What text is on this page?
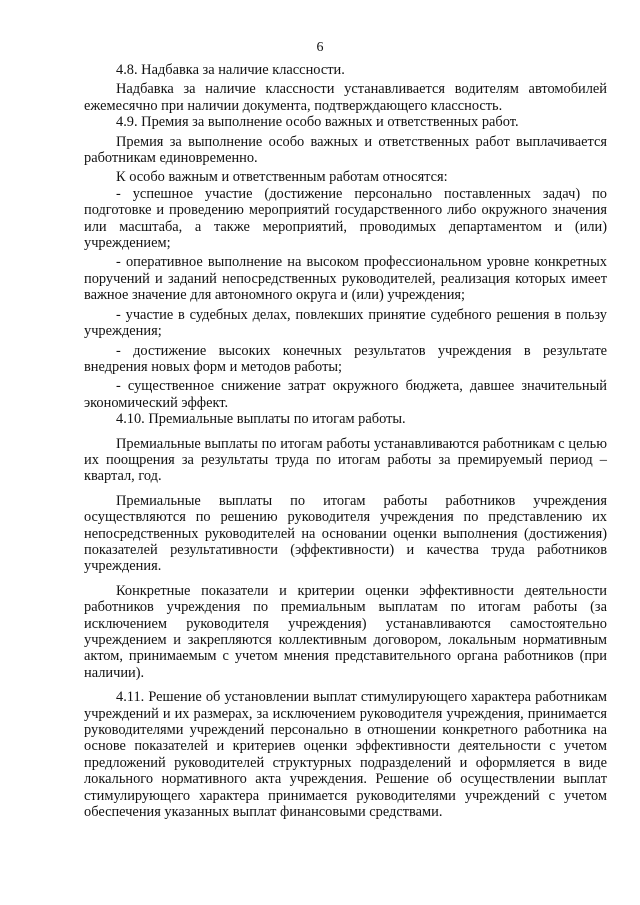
6

4.8. Надбавка за наличие классности.

Надбавка за наличие классности устанавливается водителям автомобилей ежемесячно при наличии документа, подтверждающего классность.

4.9. Премия за выполнение особо важных и ответственных работ.

Премия за выполнение особо важных и ответственных работ выплачивается работникам единовременно.

К особо важным и ответственным работам относятся:

- успешное участие (достижение персонально поставленных задач) по подготовке и проведению мероприятий государственного либо окружного значения или масштаба, а также мероприятий, проводимых департаментом и (или) учреждением;

- оперативное выполнение на высоком профессиональном уровне конкретных поручений и заданий непосредственных руководителей, реализация которых имеет важное значение для автономного округа и (или) учреждения;

- участие в судебных делах, повлекших принятие судебного решения в пользу учреждения;

- достижение высоких конечных результатов учреждения в результате внедрения новых форм и методов работы;

- существенное снижение затрат окружного бюджета, давшее значительный экономический эффект.

4.10. Премиальные выплаты по итогам работы.

Премиальные выплаты по итогам работы устанавливаются работникам с целью их поощрения за результаты труда по итогам работы за премируемый период – квартал, год.

Премиальные выплаты по итогам работы работников учреждения осуществляются по решению руководителя учреждения по представлению их непосредственных руководителей на основании оценки выполнения (достижения) показателей результативности (эффективности) и качества труда работников учреждения.

Конкретные показатели и критерии оценки эффективности деятельности работников учреждения по премиальным выплатам по итогам работы (за исключением руководителя учреждения) устанавливаются самостоятельно учреждением и закрепляются коллективным договором, локальным нормативным актом, принимаемым с учетом мнения представительного органа работников (при наличии).

4.11. Решение об установлении выплат стимулирующего характера работникам учреждений и их размерах, за исключением руководителя учреждения, принимается руководителями учреждений персонально в отношении конкретного работника на основе показателей и критериев оценки эффективности деятельности с учетом предложений руководителей структурных подразделений и оформляется в виде локального нормативного акта учреждения. Решение об осуществлении выплат стимулирующего характера принимается руководителями учреждений с учетом обеспечения указанных выплат финансовыми средствами.
